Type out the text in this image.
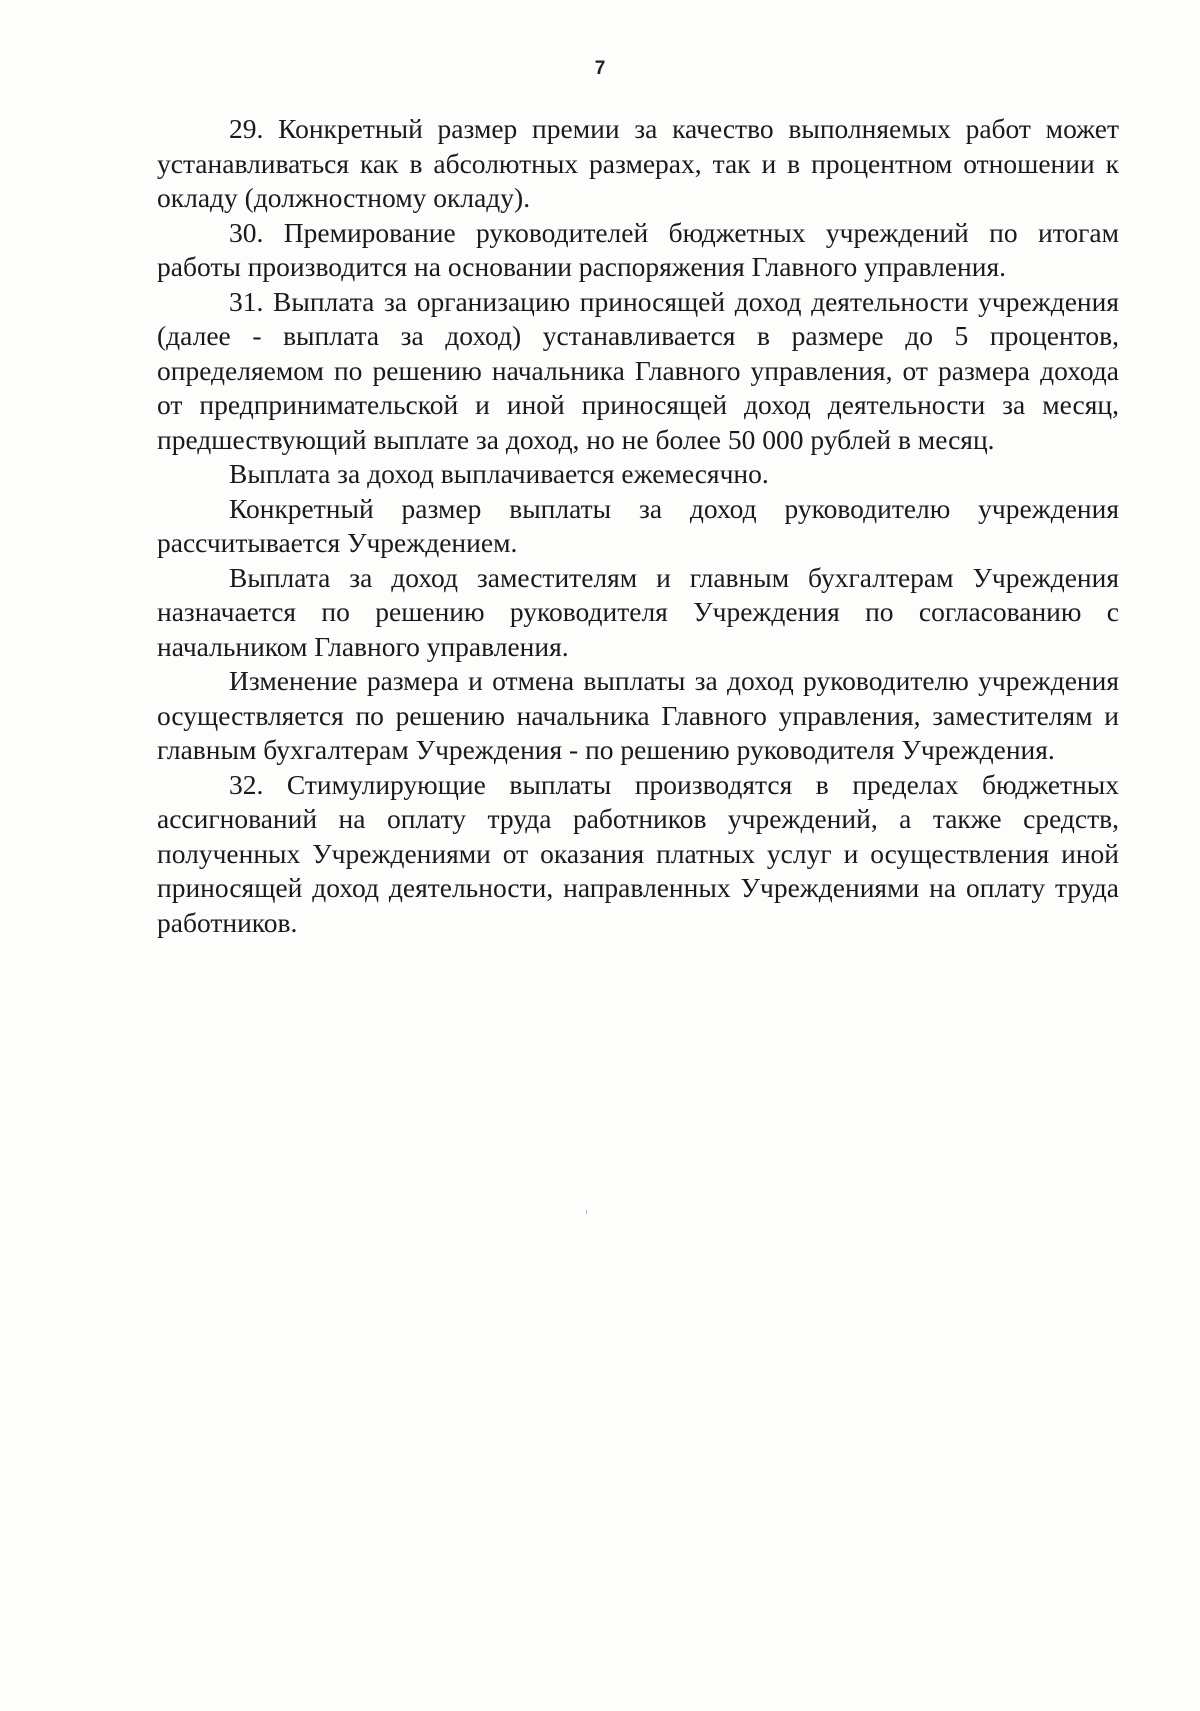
7

29. Конкретный размер премии за качество выполняемых работ может устанавливаться как в абсолютных размерах, так и в процентном отношении к окладу (должностному окладу).

30. Премирование руководителей бюджетных учреждений по итогам работы производится на основании распоряжения Главного управления.

31. Выплата за организацию приносящей доход деятельности учреждения (далее - выплата за доход) устанавливается в размере до 5 процентов, определяемом по решению начальника Главного управления, от размера дохода от предпринимательской и иной приносящей доход деятельности за месяц, предшествующий выплате за доход, но не более 50 000 рублей в месяц.

Выплата за доход выплачивается ежемесячно.

Конкретный размер выплаты за доход руководителю учреждения рассчитывается Учреждением.

Выплата за доход заместителям и главным бухгалтерам Учреждения назначается по решению руководителя Учреждения по согласованию с начальником Главного управления.

Изменение размера и отмена выплаты за доход руководителю учреждения осуществляется по решению начальника Главного управления, заместителям и главным бухгалтерам Учреждения - по решению руководителя Учреждения.

32. Стимулирующие выплаты производятся в пределах бюджетных ассигнований на оплату труда работников учреждений, а также средств, полученных Учреждениями от оказания платных услуг и осуществления иной приносящей доход деятельности, направленных Учреждениями на оплату труда работников.
